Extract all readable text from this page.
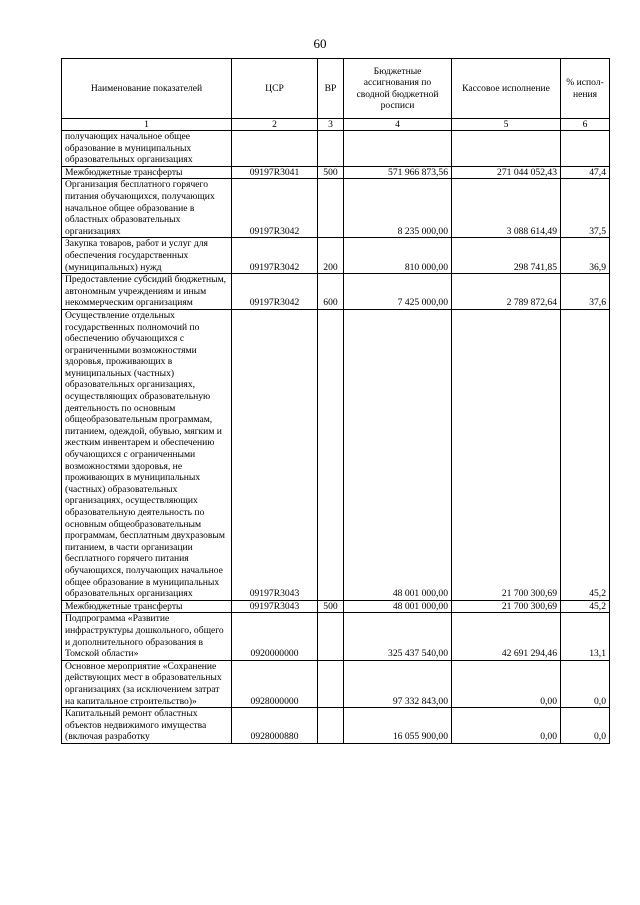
60
Наименование показателей	ЦСР	ВР	Бюджетные ассигнования по сводной бюджетной росписи	Кассовое исполнение	% испол-нения
1	2	3	4	5	6
получающих начальное общее образование в муниципальных образовательных организациях					
Межбюджетные трансферты	09197R3041	500	571 966 873,56	271 044 052,43	47,4
Организация бесплатного горячего питания обучающихся, получающих начальное общее образование в областных образовательных организациях	09197R3042		8 235 000,00	3 088 614,49	37,5
Закупка товаров, работ и услуг для обеспечения государственных (муниципальных) нужд	09197R3042	200	810 000,00	298 741,85	36,9
Предоставление субсидий бюджетным, автономным учреждениям и иным некоммерческим организациям	09197R3042	600	7 425 000,00	2 789 872,64	37,6
Осуществление отдельных государственных полномочий по обеспечению обучающихся с ограниченными возможностями здоровья, проживающих в муниципальных (частных) образовательных организациях, осуществляющих образовательную деятельность по основным общеобразовательным программам, питанием, одеждой, обувью, мягким и жестким инвентарем и обеспечению обучающихся с ограниченными возможностями здоровья, не проживающих в муниципальных (частных) образовательных организациях, осуществляющих образовательную деятельность по основным общеобразовательным программам, бесплатным двухразовым питанием, в части организации бесплатного горячего питания обучающихся, получающих начальное общее образование в муниципальных образовательных организациях	09197R3043		48 001 000,00	21 700 300,69	45,2
Межбюджетные трансферты	09197R3043	500	48 001 000,00	21 700 300,69	45,2
Подпрограмма «Развитие инфраструктуры дошкольного, общего и дополнительного образования в Томской области»	0920000000		325 437 540,00	42 691 294,46	13,1
Основное мероприятие «Сохранение действующих мест в образовательных организациях (за исключением затрат на капитальное строительство)»	0928000000		97 332 843,00	0,00	0,0
Капитальный ремонт областных объектов недвижимого имущества (включая разработку	0928000880		16 055 900,00	0,00	0,0
